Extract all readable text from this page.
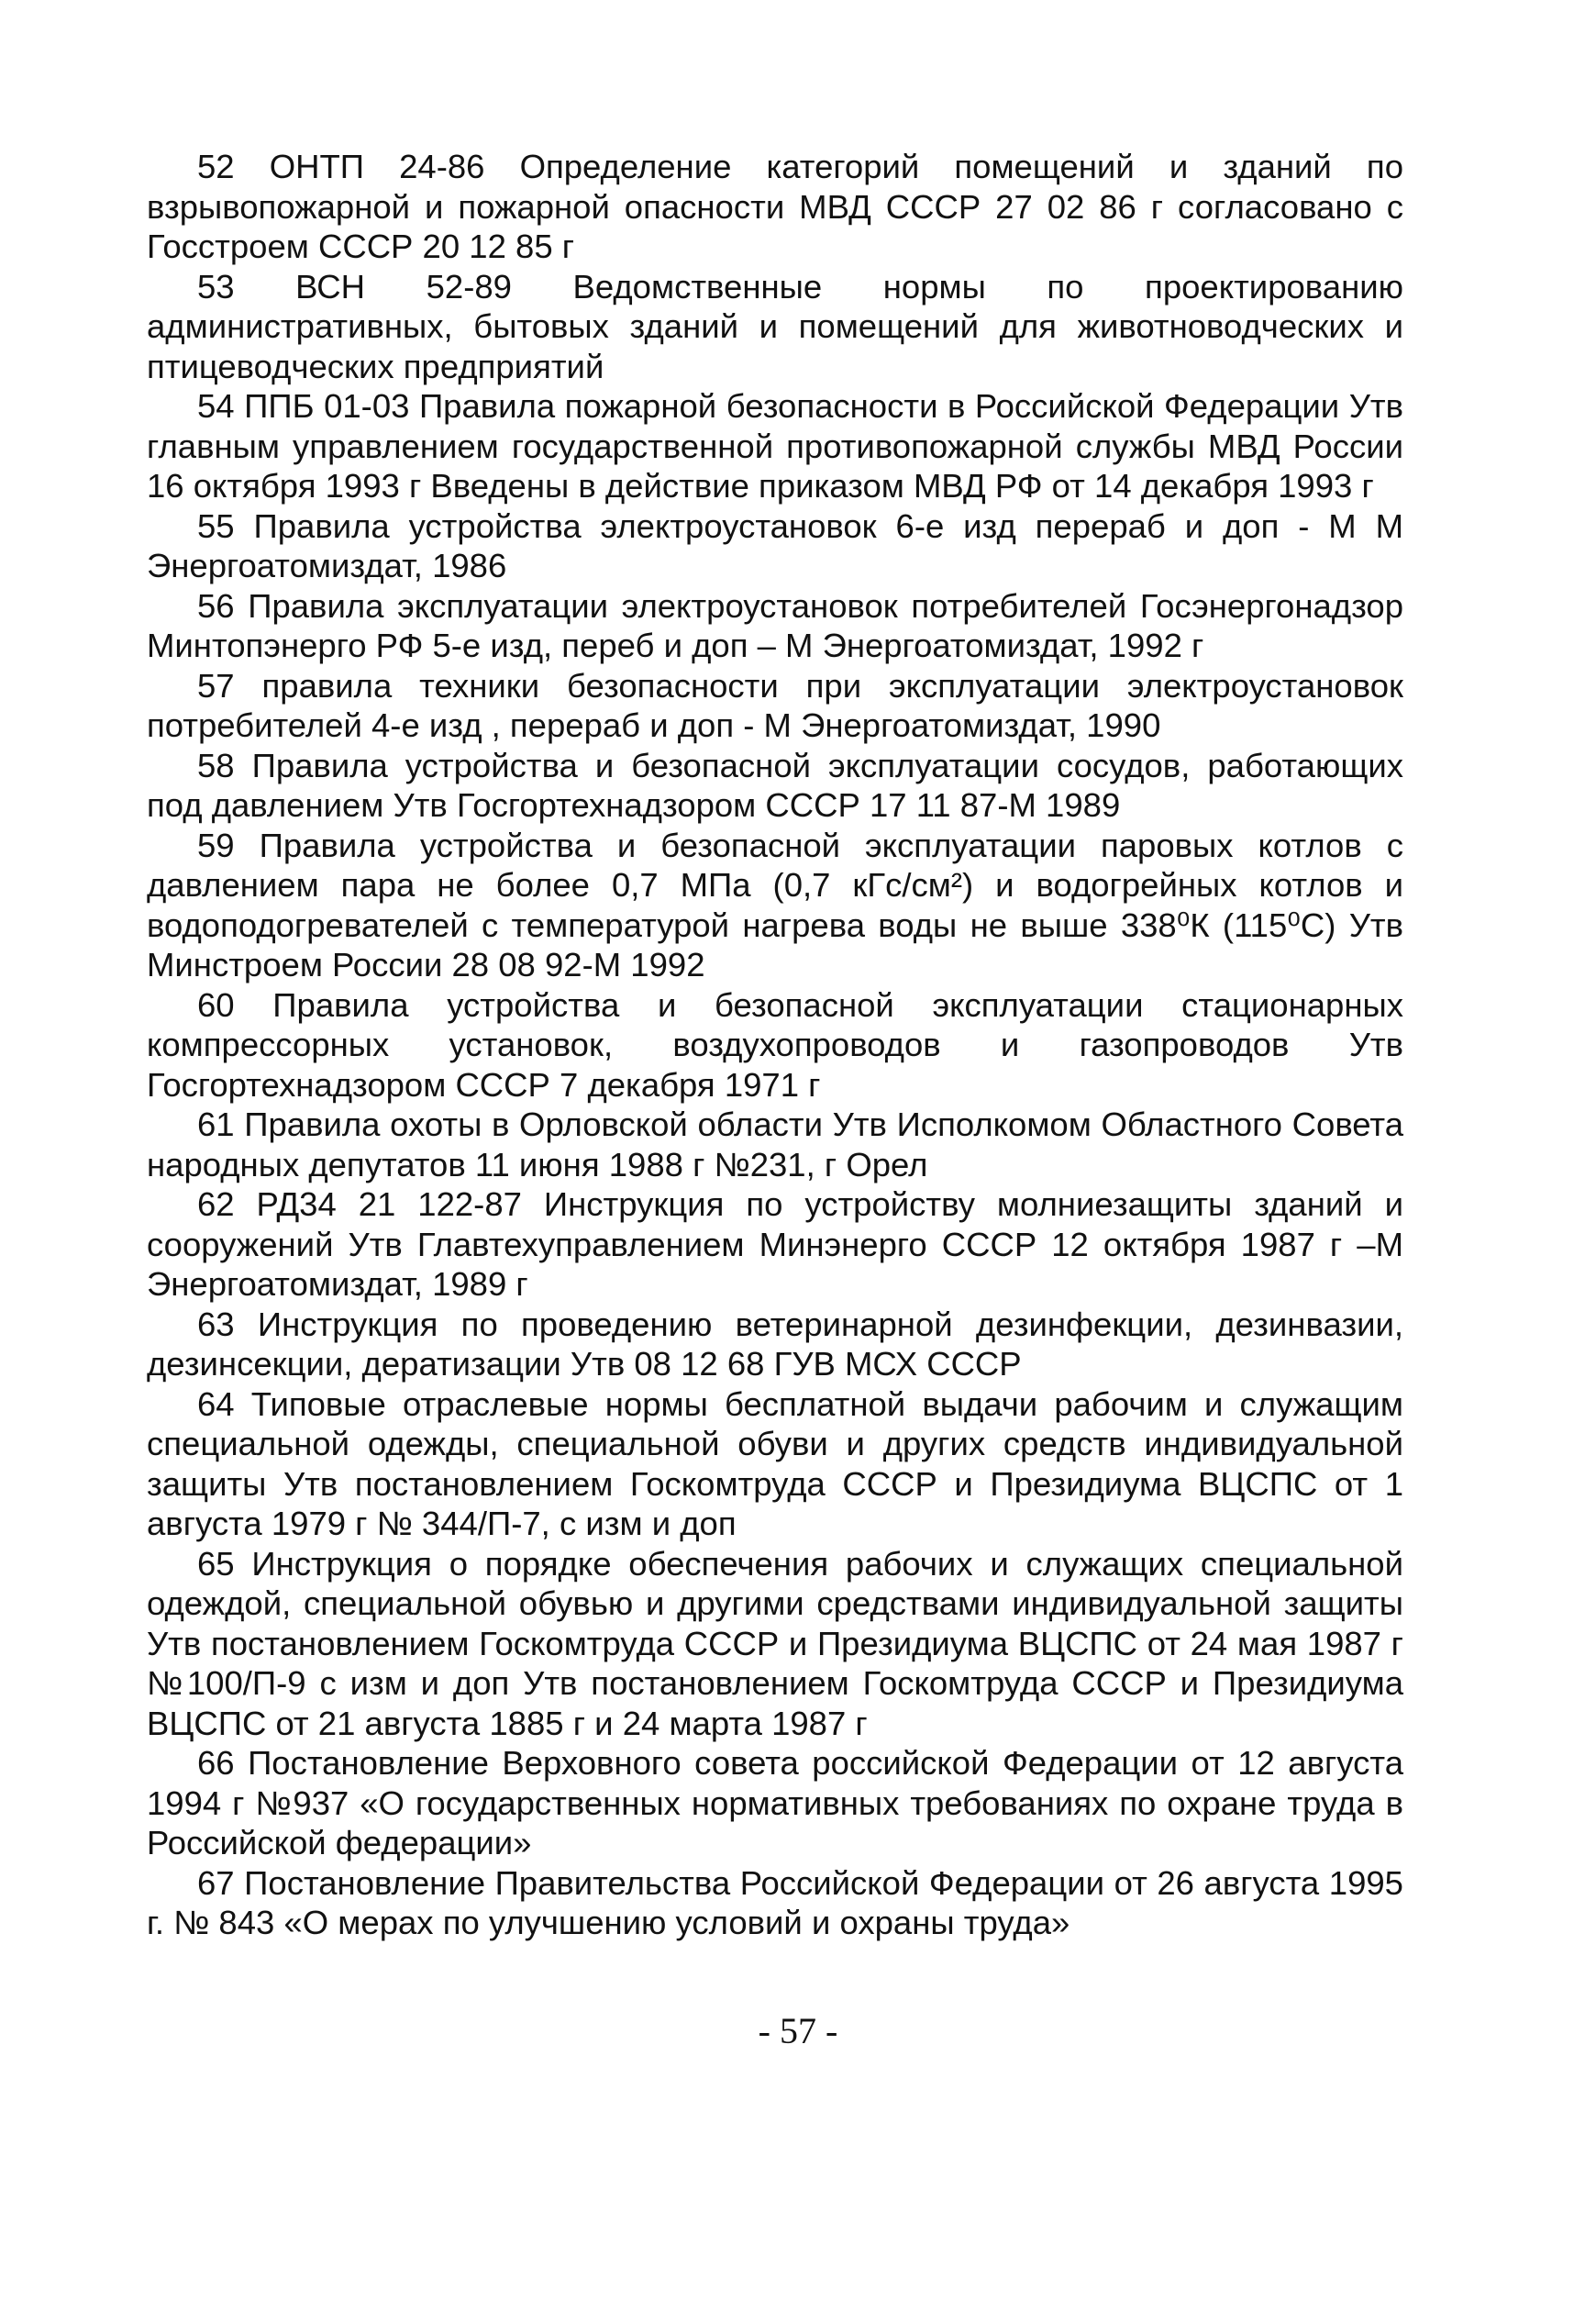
52 ОНТП 24-86 Определение категорий помещений и зданий по взрывопожарной и пожарной опасности МВД СССР 27 02 86 г согласовано с Госстроем СССР 20 12 85 г

53 ВСН 52-89 Ведомственные нормы по проектированию административных, бытовых зданий и помещений для животноводческих и птицеводческих предприятий

54 ППБ 01-03 Правила пожарной безопасности в Российской Федерации Утв главным управлением государственной противопожарной службы МВД России 16 октября 1993 г Введены в действие приказом МВД РФ от 14 декабря 1993 г

55 Правила устройства электроустановок 6-е изд перераб и доп - М М Энергоатомиздат, 1986

56 Правила эксплуатации электроустановок потребителей Госэнергонадзор Минтопэнерго РФ 5-е изд, переб и доп – М Энергоатомиздат, 1992 г

57 правила техники безопасности при эксплуатации электроустановок потребителей 4-е изд , перераб и доп - М Энергоатомиздат, 1990

58 Правила устройства и безопасной эксплуатации сосудов, работающих под давлением Утв Госгортехнадзором СССР 17 11 87-М 1989

59 Правила устройства и безопасной эксплуатации паровых котлов с давлением пара не более 0,7 МПа (0,7 кГс/см²) и водогрейных котлов и водоподогревателей с температурой нагрева воды не выше 338⁰К (115⁰С) Утв Минстроем России 28 08 92-М 1992

60 Правила устройства и безопасной эксплуатации стационарных компрессорных установок, воздухопроводов и газопроводов Утв Госгортехнадзором СССР 7 декабря 1971 г

61 Правила охоты в Орловской области Утв Исполкомом Областного Совета народных депутатов 11 июня 1988 г №231, г Орел

62 РД34 21 122-87 Инструкция по устройству молниезащиты зданий и сооружений Утв Главтехуправлением Минэнерго СССР 12 октября 1987 г –М Энергоатомиздат, 1989 г

63 Инструкция по проведению ветеринарной дезинфекции, дезинвазии, дезинсекции, дератизации Утв 08 12 68 ГУВ МСХ СССР

64 Типовые отраслевые нормы бесплатной выдачи рабочим и служащим специальной одежды, специальной обуви и других средств индивидуальной защиты Утв постановлением Госкомтруда СССР и Президиума ВЦСПС от 1 августа 1979 г № 344/П-7, с изм и доп

65 Инструкция о порядке обеспечения рабочих и служащих специальной одеждой, специальной обувью и другими средствами индивидуальной защиты Утв постановлением Госкомтруда СССР и Президиума ВЦСПС от 24 мая 1987 г №100/П-9 с изм и доп Утв постановлением Госкомтруда СССР и Президиума ВЦСПС от 21 августа 1885 г и 24 марта 1987 г

66 Постановление Верховного совета российской Федерации от 12 августа 1994 г №937 «О государственных нормативных требованиях по охране труда в Российской федерации»

67 Постановление Правительства Российской Федерации от 26 августа 1995 г. № 843 «О мерах по улучшению условий и охраны труда»

- 57 -
